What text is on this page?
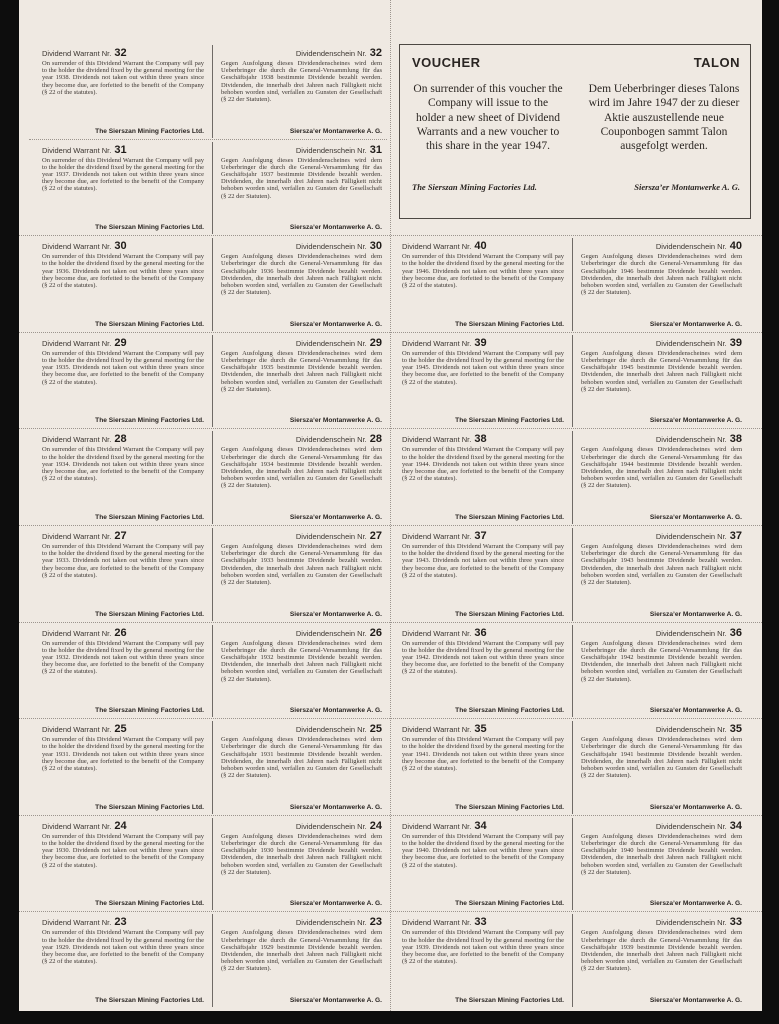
Dividend Warrant Nr. 32
On surrender of this Dividend Warrant the Company will pay to the holder the dividend fixed by the general meeting for the year 1938. Dividends not taken out within three years since they become due, are forfeited to the benefit of the Company (§ 22 of the statutes).
The Sierszan Mining Factories Ltd.
Dividendenschein Nr. 32
Gegen Ausfolgung dieses Dividendenscheines wird dem Ueberbringer die durch die General-Versammlung für das Geschäftsjahr 1938 bestimmte Dividende bezahlt werden. Dividenden, die innerhalb drei Jahren nach Fälligkeit nicht behoben worden sind, verfallen zu Gunsten der Gesellschaft (§ 22 der Statuten).
Sierszaʼer Montanwerke A. G.
Dividend Warrant Nr. 31
On surrender of this Dividend Warrant the Company will pay to the holder the dividend fixed by the general meeting for the year 1937. Dividends not taken out within three years since they become due, are forfeited to the benefit of the Company (§ 22 of the statutes).
The Sierszan Mining Factories Ltd.
Dividendenschein Nr. 31
Gegen Ausfolgung dieses Dividendenscheines wird dem Ueberbringer die durch die General-Versammlung für das Geschäftsjahr 1937 bestimmte Dividende bezahlt werden. Dividenden, die innerhalb drei Jahren nach Fälligkeit nicht behoben worden sind, verfallen zu Gunsten der Gesellschaft (§ 22 der Statuten).
Sierszaʼer Montanwerke A. G.
Dividend Warrant Nr. 30
On surrender of this Dividend Warrant the Company will pay to the holder the dividend fixed by the general meeting for the year 1936. Dividends not taken out within three years since they become due, are forfeited to the benefit of the Company (§ 22 of the statutes).
The Sierszan Mining Factories Ltd.
Dividendenschein Nr. 30
Gegen Ausfolgung dieses Dividendenscheines wird dem Ueberbringer die durch die General-Versammlung für das Geschäftsjahr 1936 bestimmte Dividende bezahlt werden. Dividenden, die innerhalb drei Jahren nach Fälligkeit nicht behoben worden sind, verfallen zu Gunsten der Gesellschaft (§ 22 der Statuten).
Sierszaʼer Montanwerke A. G.
Dividend Warrant Nr. 29
On surrender of this Dividend Warrant the Company will pay to the holder the dividend fixed by the general meeting for the year 1935. Dividends not taken out within three years since they become due, are forfeited to the benefit of the Company (§ 22 of the statutes).
The Sierszan Mining Factories Ltd.
Dividendenschein Nr. 29
Gegen Ausfolgung dieses Dividendenscheines wird dem Ueberbringer die durch die General-Versammlung für das Geschäftsjahr 1935 bestimmte Dividende bezahlt werden. Dividenden, die innerhalb drei Jahren nach Fälligkeit nicht behoben worden sind, verfallen zu Gunsten der Gesellschaft (§ 22 der Statuten).
Sierszaʼer Montanwerke A. G.
Dividend Warrant Nr. 28
On surrender of this Dividend Warrant the Company will pay to the holder the dividend fixed by the general meeting for the year 1934. Dividends not taken out within three years since they become due, are forfeited to the benefit of the Company (§ 22 of the statutes).
The Sierszan Mining Factories Ltd.
Dividendenschein Nr. 28
Gegen Ausfolgung dieses Dividendenscheines wird dem Ueberbringer die durch die General-Versammlung für das Geschäftsjahr 1934 bestimmte Dividende bezahlt werden. Dividenden, die innerhalb drei Jahren nach Fälligkeit nicht behoben worden sind, verfallen zu Gunsten der Gesellschaft (§ 22 der Statuten).
Sierszaʼer Montanwerke A. G.
Dividend Warrant Nr. 27
On surrender of this Dividend Warrant the Company will pay to the holder the dividend fixed by the general meeting for the year 1933. Dividends not taken out within three years since they become due, are forfeited to the benefit of the Company (§ 22 of the statutes).
The Sierszan Mining Factories Ltd.
Dividendenschein Nr. 27
Gegen Ausfolgung dieses Dividendenscheines wird dem Ueberbringer die durch die General-Versammlung für das Geschäftsjahr 1933 bestimmte Dividende bezahlt werden. Dividenden, die innerhalb drei Jahren nach Fälligkeit nicht behoben worden sind, verfallen zu Gunsten der Gesellschaft (§ 22 der Statuten).
Sierszaʼer Montanwerke A. G.
Dividend Warrant Nr. 26
On surrender of this Dividend Warrant the Company will pay to the holder the dividend fixed by the general meeting for the year 1932. Dividends not taken out within three years since they become due, are forfeited to the benefit of the Company (§ 22 of the statutes).
The Sierszan Mining Factories Ltd.
Dividendenschein Nr. 26
Gegen Ausfolgung dieses Dividendenscheines wird dem Ueberbringer die durch die General-Versammlung für das Geschäftsjahr 1932 bestimmte Dividende bezahlt werden. Dividenden, die innerhalb drei Jahren nach Fälligkeit nicht behoben worden sind, verfallen zu Gunsten der Gesellschaft (§ 22 der Statuten).
Sierszaʼer Montanwerke A. G.
Dividend Warrant Nr. 25
On surrender of this Dividend Warrant the Company will pay to the holder the dividend fixed by the general meeting for the year 1931. Dividends not taken out within three years since they become due, are forfeited to the benefit of the Company (§ 22 of the statutes).
The Sierszan Mining Factories Ltd.
Dividendenschein Nr. 25
Gegen Ausfolgung dieses Dividendenscheines wird dem Ueberbringer die durch die General-Versammlung für das Geschäftsjahr 1931 bestimmte Dividende bezahlt werden. Dividenden, die innerhalb drei Jahren nach Fälligkeit nicht behoben worden sind, verfallen zu Gunsten der Gesellschaft (§ 22 der Statuten).
Sierszaʼer Montanwerke A. G.
Dividend Warrant Nr. 24
On surrender of this Dividend Warrant the Company will pay to the holder the dividend fixed by the general meeting for the year 1930. Dividends not taken out within three years since they become due, are forfeited to the benefit of the Company (§ 22 of the statutes).
The Sierszan Mining Factories Ltd.
Dividendenschein Nr. 24
Gegen Ausfolgung dieses Dividendenscheines wird dem Ueberbringer die durch die General-Versammlung für das Geschäftsjahr 1930 bestimmte Dividende bezahlt werden. Dividenden, die innerhalb drei Jahren nach Fälligkeit nicht behoben worden sind, verfallen zu Gunsten der Gesellschaft (§ 22 der Statuten).
Sierszaʼer Montanwerke A. G.
Dividend Warrant Nr. 23
On surrender of this Dividend Warrant the Company will pay to the holder the dividend fixed by the general meeting for the year 1929. Dividends not taken out within three years since they become due, are forfeited to the benefit of the Company (§ 22 of the statutes).
The Sierszan Mining Factories Ltd.
Dividendenschein Nr. 23
Gegen Ausfolgung dieses Dividendenscheines wird dem Ueberbringer die durch die General-Versammlung für das Geschäftsjahr 1929 bestimmte Dividende bezahlt werden. Dividenden, die innerhalb drei Jahren nach Fälligkeit nicht behoben worden sind, verfallen zu Gunsten der Gesellschaft (§ 22 der Statuten).
Sierszaʼer Montanwerke A. G.
Dividend Warrant Nr. 40
On surrender of this Dividend Warrant the Company will pay to the holder the dividend fixed by the general meeting for the year 1946. Dividends not taken out within three years since they become due, are forfeited to the benefit of the Company (§ 22 of the statutes).
The Sierszan Mining Factories Ltd.
Dividendenschein Nr. 40
Gegen Ausfolgung dieses Dividendenscheines wird dem Ueberbringer die durch die General-Versammlung für das Geschäftsjahr 1946 bestimmte Dividende bezahlt werden. Dividenden, die innerhalb drei Jahren nach Fälligkeit nicht behoben worden sind, verfallen zu Gunsten der Gesellschaft (§ 22 der Statuten).
Sierszaʼer Montanwerke A. G.
Dividend Warrant Nr. 39
On surrender of this Dividend Warrant the Company will pay to the holder the dividend fixed by the general meeting for the year 1945. Dividends not taken out within three years since they become due, are forfeited to the benefit of the Company (§ 22 of the statutes).
The Sierszan Mining Factories Ltd.
Dividendenschein Nr. 39
Gegen Ausfolgung dieses Dividendenscheines wird dem Ueberbringer die durch die General-Versammlung für das Geschäftsjahr 1945 bestimmte Dividende bezahlt werden. Dividenden, die innerhalb drei Jahren nach Fälligkeit nicht behoben worden sind, verfallen zu Gunsten der Gesellschaft (§ 22 der Statuten).
Sierszaʼer Montanwerke A. G.
Dividend Warrant Nr. 38
On surrender of this Dividend Warrant the Company will pay to the holder the dividend fixed by the general meeting for the year 1944. Dividends not taken out within three years since they become due, are forfeited to the benefit of the Company (§ 22 of the statutes).
The Sierszan Mining Factories Ltd.
Dividendenschein Nr. 38
Gegen Ausfolgung dieses Dividendenscheines wird dem Ueberbringer die durch die General-Versammlung für das Geschäftsjahr 1944 bestimmte Dividende bezahlt werden. Dividenden, die innerhalb drei Jahren nach Fälligkeit nicht behoben worden sind, verfallen zu Gunsten der Gesellschaft (§ 22 der Statuten).
Sierszaʼer Montanwerke A. G.
Dividend Warrant Nr. 37
On surrender of this Dividend Warrant the Company will pay to the holder the dividend fixed by the general meeting for the year 1943. Dividends not taken out within three years since they become due, are forfeited to the benefit of the Company (§ 22 of the statutes).
The Sierszan Mining Factories Ltd.
Dividendenschein Nr. 37
Gegen Ausfolgung dieses Dividendenscheines wird dem Ueberbringer die durch die General-Versammlung für das Geschäftsjahr 1943 bestimmte Dividende bezahlt werden. Dividenden, die innerhalb drei Jahren nach Fälligkeit nicht behoben worden sind, verfallen zu Gunsten der Gesellschaft (§ 22 der Statuten).
Sierszaʼer Montanwerke A. G.
Dividend Warrant Nr. 36
On surrender of this Dividend Warrant the Company will pay to the holder the dividend fixed by the general meeting for the year 1942. Dividends not taken out within three years since they become due, are forfeited to the benefit of the Company (§ 22 of the statutes).
The Sierszan Mining Factories Ltd.
Dividendenschein Nr. 36
Gegen Ausfolgung dieses Dividendenscheines wird dem Ueberbringer die durch die General-Versammlung für das Geschäftsjahr 1942 bestimmte Dividende bezahlt werden. Dividenden, die innerhalb drei Jahren nach Fälligkeit nicht behoben worden sind, verfallen zu Gunsten der Gesellschaft (§ 22 der Statuten).
Sierszaʼer Montanwerke A. G.
Dividend Warrant Nr. 35
On surrender of this Dividend Warrant the Company will pay to the holder the dividend fixed by the general meeting for the year 1941. Dividends not taken out within three years since they become due, are forfeited to the benefit of the Company (§ 22 of the statutes).
The Sierszan Mining Factories Ltd.
Dividendenschein Nr. 35
Gegen Ausfolgung dieses Dividendenscheines wird dem Ueberbringer die durch die General-Versammlung für das Geschäftsjahr 1941 bestimmte Dividende bezahlt werden. Dividenden, die innerhalb drei Jahren nach Fälligkeit nicht behoben worden sind, verfallen zu Gunsten der Gesellschaft (§ 22 der Statuten).
Sierszaʼer Montanwerke A. G.
Dividend Warrant Nr. 34
On surrender of this Dividend Warrant the Company will pay to the holder the dividend fixed by the general meeting for the year 1940. Dividends not taken out within three years since they become due, are forfeited to the benefit of the Company (§ 22 of the statutes).
The Sierszan Mining Factories Ltd.
Dividendenschein Nr. 34
Gegen Ausfolgung dieses Dividendenscheines wird dem Ueberbringer die durch die General-Versammlung für das Geschäftsjahr 1940 bestimmte Dividende bezahlt werden. Dividenden, die innerhalb drei Jahren nach Fälligkeit nicht behoben worden sind, verfallen zu Gunsten der Gesellschaft (§ 22 der Statuten).
Sierszaʼer Montanwerke A. G.
Dividend Warrant Nr. 33
On surrender of this Dividend Warrant the Company will pay to the holder the dividend fixed by the general meeting for the year 1939. Dividends not taken out within three years since they become due, are forfeited to the benefit of the Company (§ 22 of the statutes).
The Sierszan Mining Factories Ltd.
Dividendenschein Nr. 33
Gegen Ausfolgung dieses Dividendenscheines wird dem Ueberbringer die durch die General-Versammlung für das Geschäftsjahr 1939 bestimmte Dividende bezahlt werden. Dividenden, die innerhalb drei Jahren nach Fälligkeit nicht behoben worden sind, verfallen zu Gunsten der Gesellschaft (§ 22 der Statuten).
Sierszaʼer Montanwerke A. G.
VOUCHER
On surrender of this voucher the Company will issue to the holder a new sheet of Dividend Warrants and a new voucher to this share in the year 1947.
The Sierszan Mining Factories Ltd.
TALON
Dem Ueberbringer dieses Talons wird im Jahre 1947 der zu dieser Aktie auszustellende neue Couponbogen sammt Talon ausgefolgt werden.
Sierszaʼer Montanwerke A. G.
